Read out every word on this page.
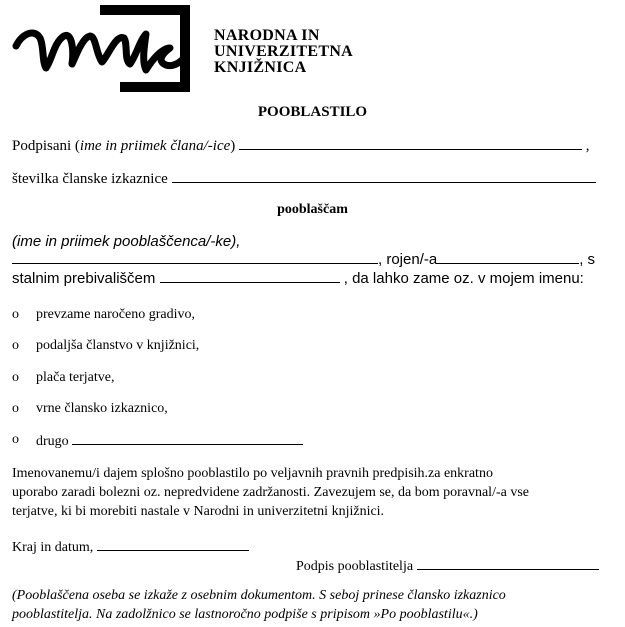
NARODNA IN
UNIVERZITETNA
KNJIŽNICA
POOBLASTILO
Podpisani (ime in priimek člana/-ice)	,
številka članske izkaznice
pooblaščam
(ime in priimek pooblaščenca/-ke),
, rojen/-a	, s
stalnim prebivališčem	, da lahko zame oz. v mojem imenu:
o prevzame naročeno gradivo,
o podaljša članstvo v knjižnici,
o plača terjatve,
o vrne člansko izkaznico,
o drugo
Imenovanemu/i dajem splošno pooblastilo po veljavnih pravnih predpisih.za enkratno
uporabo zaradi bolezni oz. nepredvidene zadržanosti. Zavezujem se, da bom poravnal/-a vse
terjatve, ki bi morebiti nastale v Narodni in univerzitetni knjižnici.
Kraj in datum,
Podpis pooblastitelja
(Pooblaščena oseba se izkaže z osebnim dokumentom. S seboj prinese člansko izkaznico
pooblastitelja. Na zadolžnico se lastnoročno podpiše s pripisom »Po pooblastilu«.)
